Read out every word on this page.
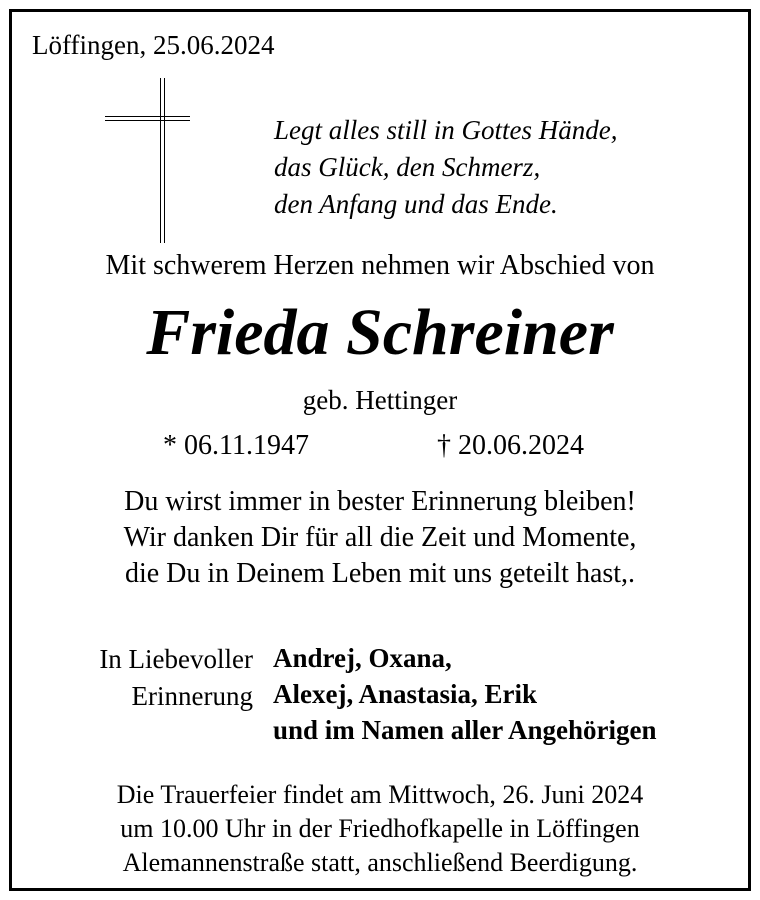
Löffingen, 25.06.2024
Legt alles still in Gottes Hände,
das Glück, den Schmerz,
den Anfang und das Ende.
Mit schwerem Herzen nehmen wir Abschied von
Frieda Schreiner
geb. Hettinger
* 06.11.1947	† 20.06.2024
Du wirst immer in bester Erinnerung bleiben!
Wir danken Dir für all die Zeit und Momente,
die Du in Deinem Leben mit uns geteilt hast,.
In Liebevoller
Erinnerung
Andrej, Oxana,
Alexej, Anastasia, Erik
und im Namen aller Angehörigen
Die Trauerfeier findet am Mittwoch, 26. Juni 2024
um 10.00 Uhr in der Friedhofkapelle in Löffingen
Alemannenstraße statt, anschließend Beerdigung.
